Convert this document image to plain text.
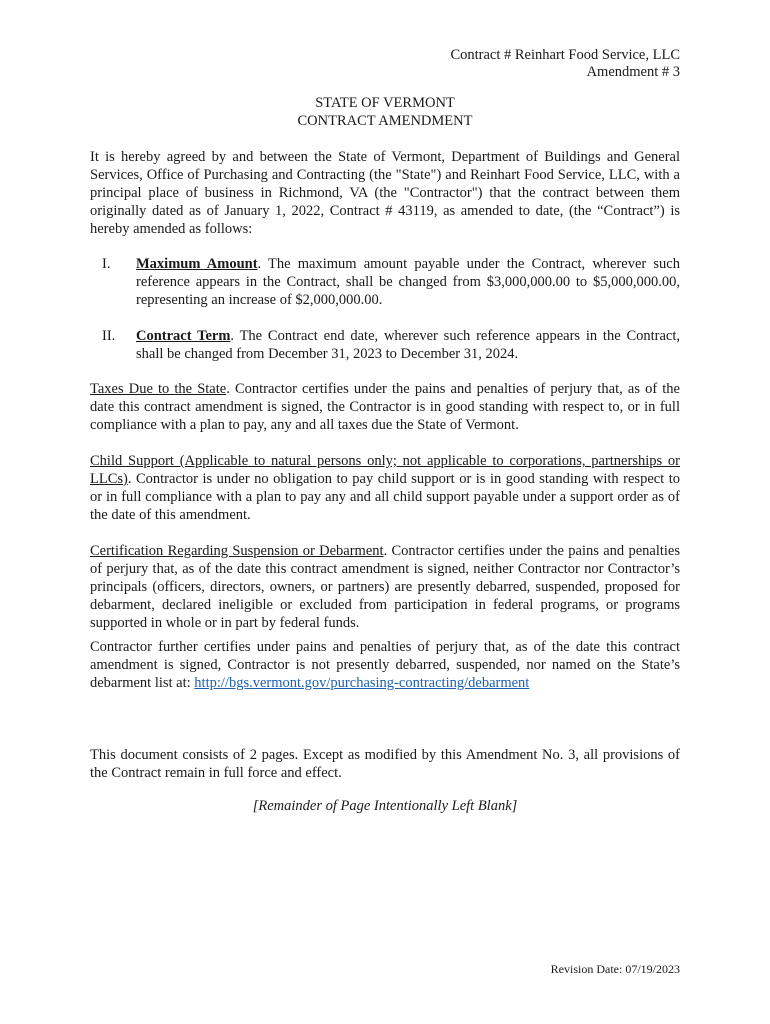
Contract # Reinhart Food Service, LLC
Amendment # 3
STATE OF VERMONT
CONTRACT AMENDMENT
It is hereby agreed by and between the State of Vermont, Department of Buildings and General Services, Office of Purchasing and Contracting (the "State") and Reinhart Food Service, LLC, with a principal place of business in Richmond, VA (the "Contractor") that the contract between them originally dated as of January 1, 2022, Contract # 43119, as amended to date, (the “Contract”) is hereby amended as follows:
I. Maximum Amount. The maximum amount payable under the Contract, wherever such reference appears in the Contract, shall be changed from $3,000,000.00 to $5,000,000.00, representing an increase of $2,000,000.00.
II. Contract Term. The Contract end date, wherever such reference appears in the Contract, shall be changed from December 31, 2023 to December 31, 2024.
Taxes Due to the State. Contractor certifies under the pains and penalties of perjury that, as of the date this contract amendment is signed, the Contractor is in good standing with respect to, or in full compliance with a plan to pay, any and all taxes due the State of Vermont.
Child Support (Applicable to natural persons only; not applicable to corporations, partnerships or LLCs). Contractor is under no obligation to pay child support or is in good standing with respect to or in full compliance with a plan to pay any and all child support payable under a support order as of the date of this amendment.
Certification Regarding Suspension or Debarment. Contractor certifies under the pains and penalties of perjury that, as of the date this contract amendment is signed, neither Contractor nor Contractor’s principals (officers, directors, owners, or partners) are presently debarred, suspended, proposed for debarment, declared ineligible or excluded from participation in federal programs, or programs supported in whole or in part by federal funds.
Contractor further certifies under pains and penalties of perjury that, as of the date this contract amendment is signed, Contractor is not presently debarred, suspended, nor named on the State’s debarment list at: http://bgs.vermont.gov/purchasing-contracting/debarment
This document consists of 2 pages. Except as modified by this Amendment No. 3, all provisions of the Contract remain in full force and effect.
[Remainder of Page Intentionally Left Blank]
Revision Date: 07/19/2023
